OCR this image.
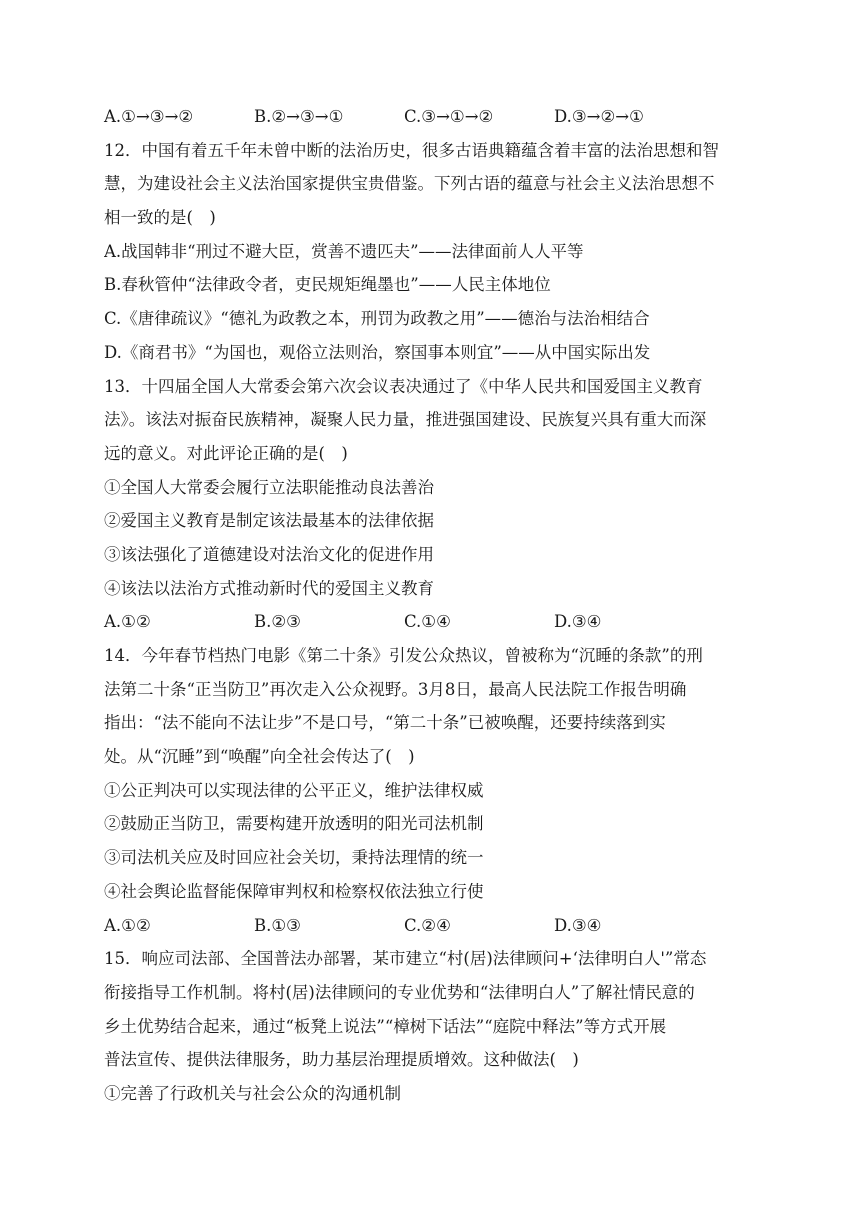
A.①→③→②	B.②→③→①	C.③→①→②	D.③→②→①
12．中国有着五千年未曾中断的法治历史，很多古语典籍蕴含着丰富的法治思想和智
慧，为建设社会主义法治国家提供宝贵借鉴。下列古语的蕴意与社会主义法治思想不
相一致的是(　)
A.战国韩非“刑过不避大臣，赏善不遗匹夫”——法律面前人人平等
B.春秋管仲“法律政令者，吏民规矩绳墨也”——人民主体地位
C.《唐律疏议》“德礼为政教之本，刑罚为政教之用”——德治与法治相结合
D.《商君书》“为国也，观俗立法则治，察国事本则宜”——从中国实际出发
13．十四届全国人大常委会第六次会议表决通过了《中华人民共和国爱国主义教育
法》。该法对振奋民族精神，凝聚人民力量，推进强国建设、民族复兴具有重大而深
远的意义。对此评论正确的是(　)
①全国人大常委会履行立法职能推动良法善治
②爱国主义教育是制定该法最基本的法律依据
③该法强化了道德建设对法治文化的促进作用
④该法以法治方式推动新时代的爱国主义教育
A.①②	B.②③	C.①④	D.③④
14．今年春节档热门电影《第二十条》引发公众热议，曾被称为“沉睡的条款”的刑
法第二十条“正当防卫”再次走入公众视野。3月8日，最高人民法院工作报告明确
指出：“法不能向不法让步”不是口号，“第二十条”已被唤醒，还要持续落到实
处。从“沉睡”到“唤醒”向全社会传达了(　)
①公正判决可以实现法律的公平正义，维护法律权威
②鼓励正当防卫，需要构建开放透明的阳光司法机制
③司法机关应及时回应社会关切，秉持法理情的统一
④社会舆论监督能保障审判权和检察权依法独立行使
A.①②	B.①③	C.②④	D.③④
15．响应司法部、全国普法办部署，某市建立“村(居)法律顾问+‘法律明白人'”常态
衔接指导工作机制。将村(居)法律顾问的专业优势和“法律明白人”了解社情民意的
乡土优势结合起来，通过“板凳上说法”“樟树下话法”“庭院中释法”等方式开展
普法宣传、提供法律服务，助力基层治理提质增效。这种做法(　)
①完善了行政机关与社会公众的沟通机制
